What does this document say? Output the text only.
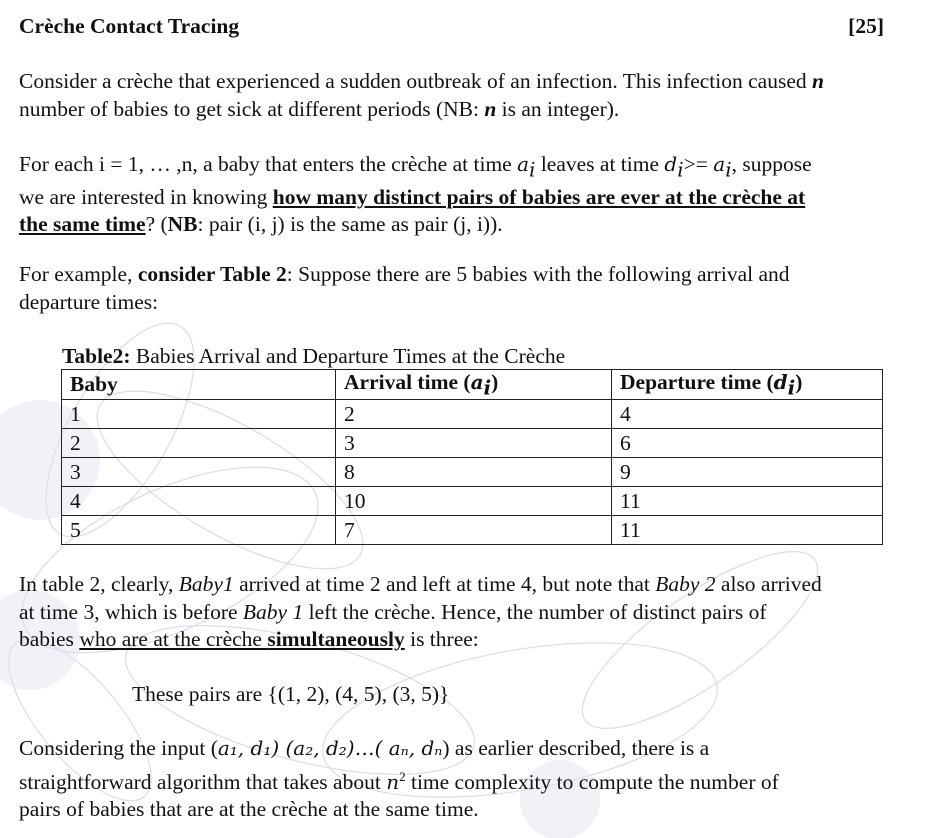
Crèche Contact Tracing	[25]

Consider a crèche that experienced a sudden outbreak of an infection. This infection caused n
number of babies to get sick at different periods (NB: n is an integer).

For each i = 1, … ,n, a baby that enters the crèche at time $a_i$ leaves at time $d_i>= a_i$, suppose
we are interested in knowing how many distinct pairs of babies are ever at the crèche at
the same time? (NB: pair (i, j) is the same as pair (j, i)).

For example, consider Table 2: Suppose there are 5 babies with the following arrival and
departure times:

Table2: Babies Arrival and Departure Times at the Crèche
Baby	Arrival time $(a_i)$	Departure time $(d_i)$
1	2	4
2	3	6
3	8	9
4	10	11
5	7	11

In table 2, clearly, Baby1 arrived at time 2 and left at time 4, but note that Baby 2 also arrived
at time 3, which is before Baby 1 left the crèche. Hence, the number of distinct pairs of
babies who are at the crèche simultaneously is three:

These pairs are {(1, 2), (4, 5), (3, 5)}

Considering the input (a₁, d₁) (a₂, d₂)…( aₙ, dₙ) as earlier described, there is a
straightforward algorithm that takes about $n^2$ time complexity to compute the number of
pairs of babies that are at the crèche at the same time.
